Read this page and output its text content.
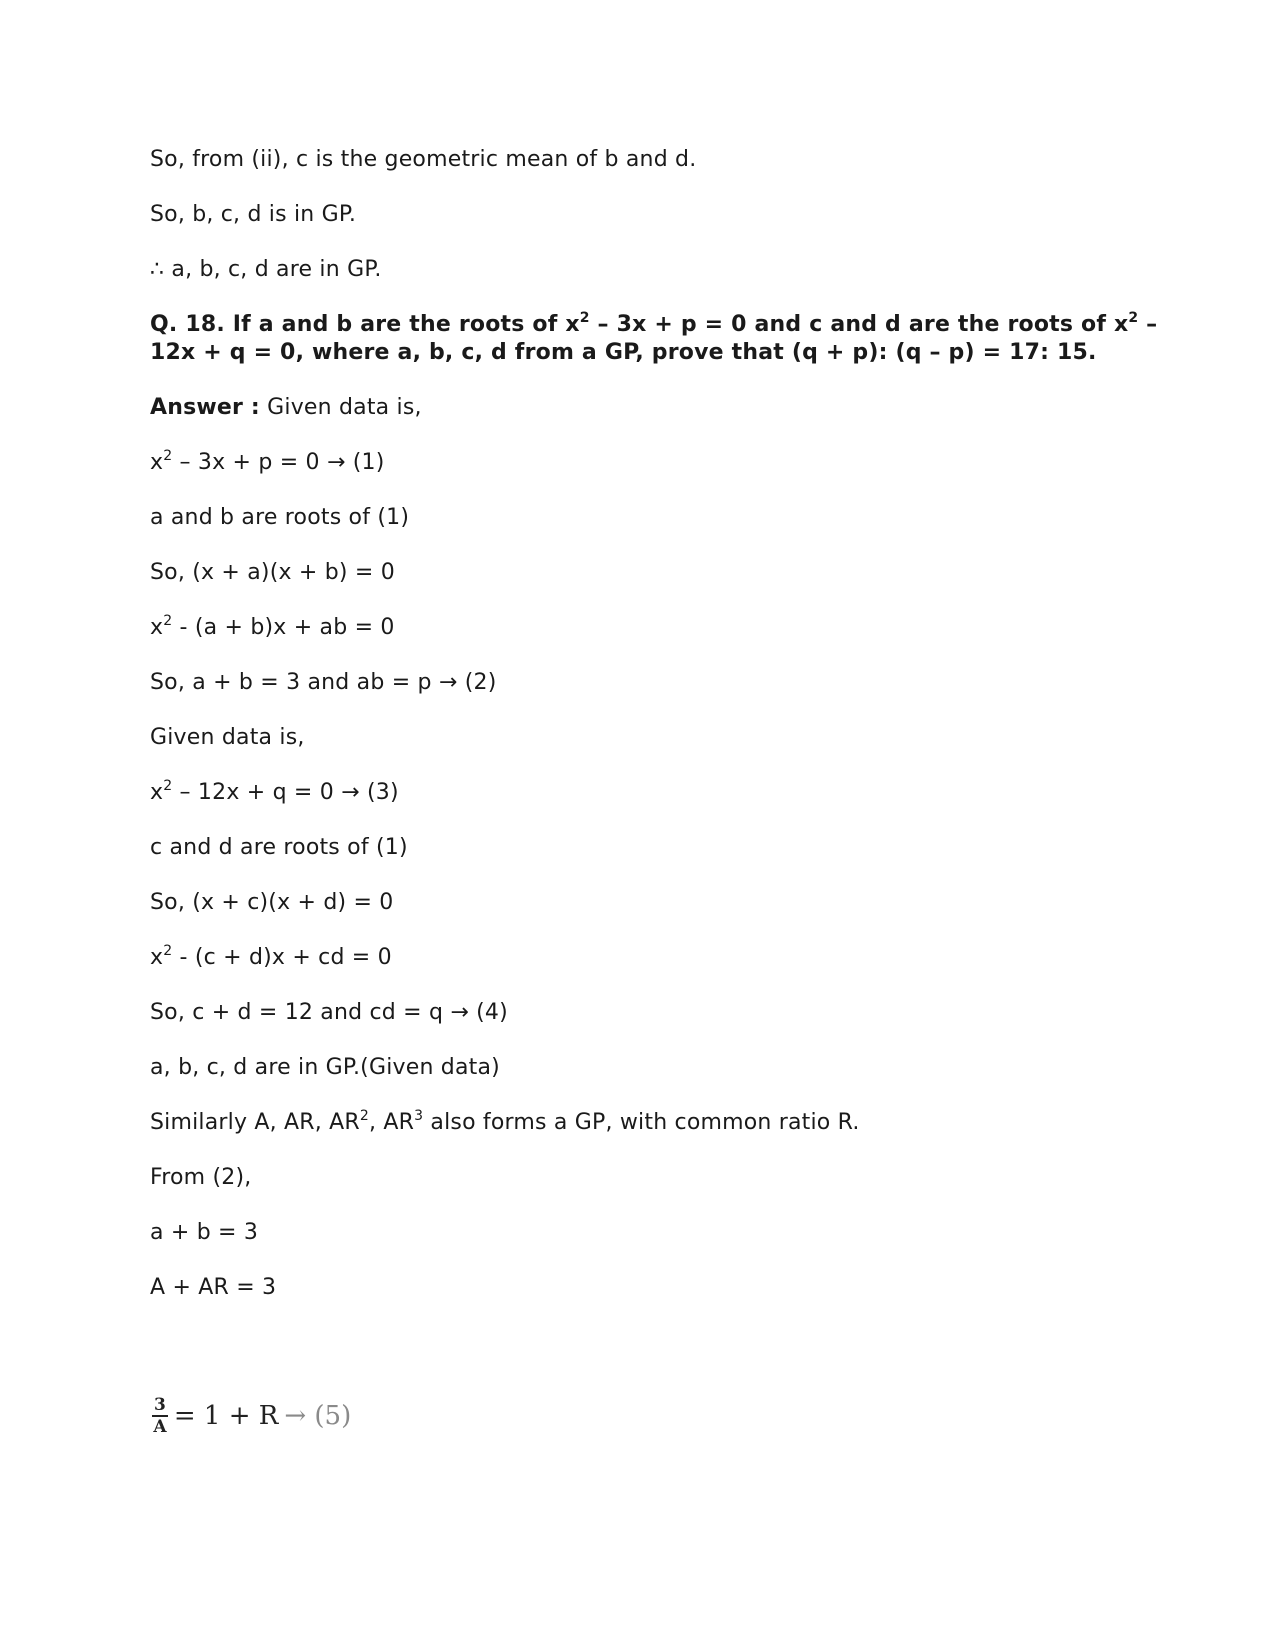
So, from (ii), c is the geometric mean of b and d.

So, b, c, d is in GP.

∴ a, b, c, d are in GP.

Q. 18. If a and b are the roots of $x^2 - 3x + p = 0$ and c and d are the roots of $x^2$ –

12x + q = 0, where a, b, c, d from a GP, prove that (q + p): (q – p) = 17: 15.

Answer : Given data is,

$x^2 - 3x + p = 0 \to (1)$

a and b are roots of (1)

So, (x + a)(x + b) = 0

$x^2 - (a + b)x$ + ab = 0

So, a + b = 3 and ab = p → (2)

Given data is,

$x^2 - 12x + q = 0 \to (3)$

c and d are roots of (1)

So, (x + c)(x + d) = 0

$x^2 - (c + d)x$ + cd = 0

So, c + d = 12 and cd = q → (4)

a, b, c, d are in GP.(Given data)

Similarly A, AR, $AR^2$, $AR^3$ also forms a GP, with common ratio R.

From (2),

a + b = 3

A + AR = 3

$\frac{3}{A} = 1 + R \to (5)$
